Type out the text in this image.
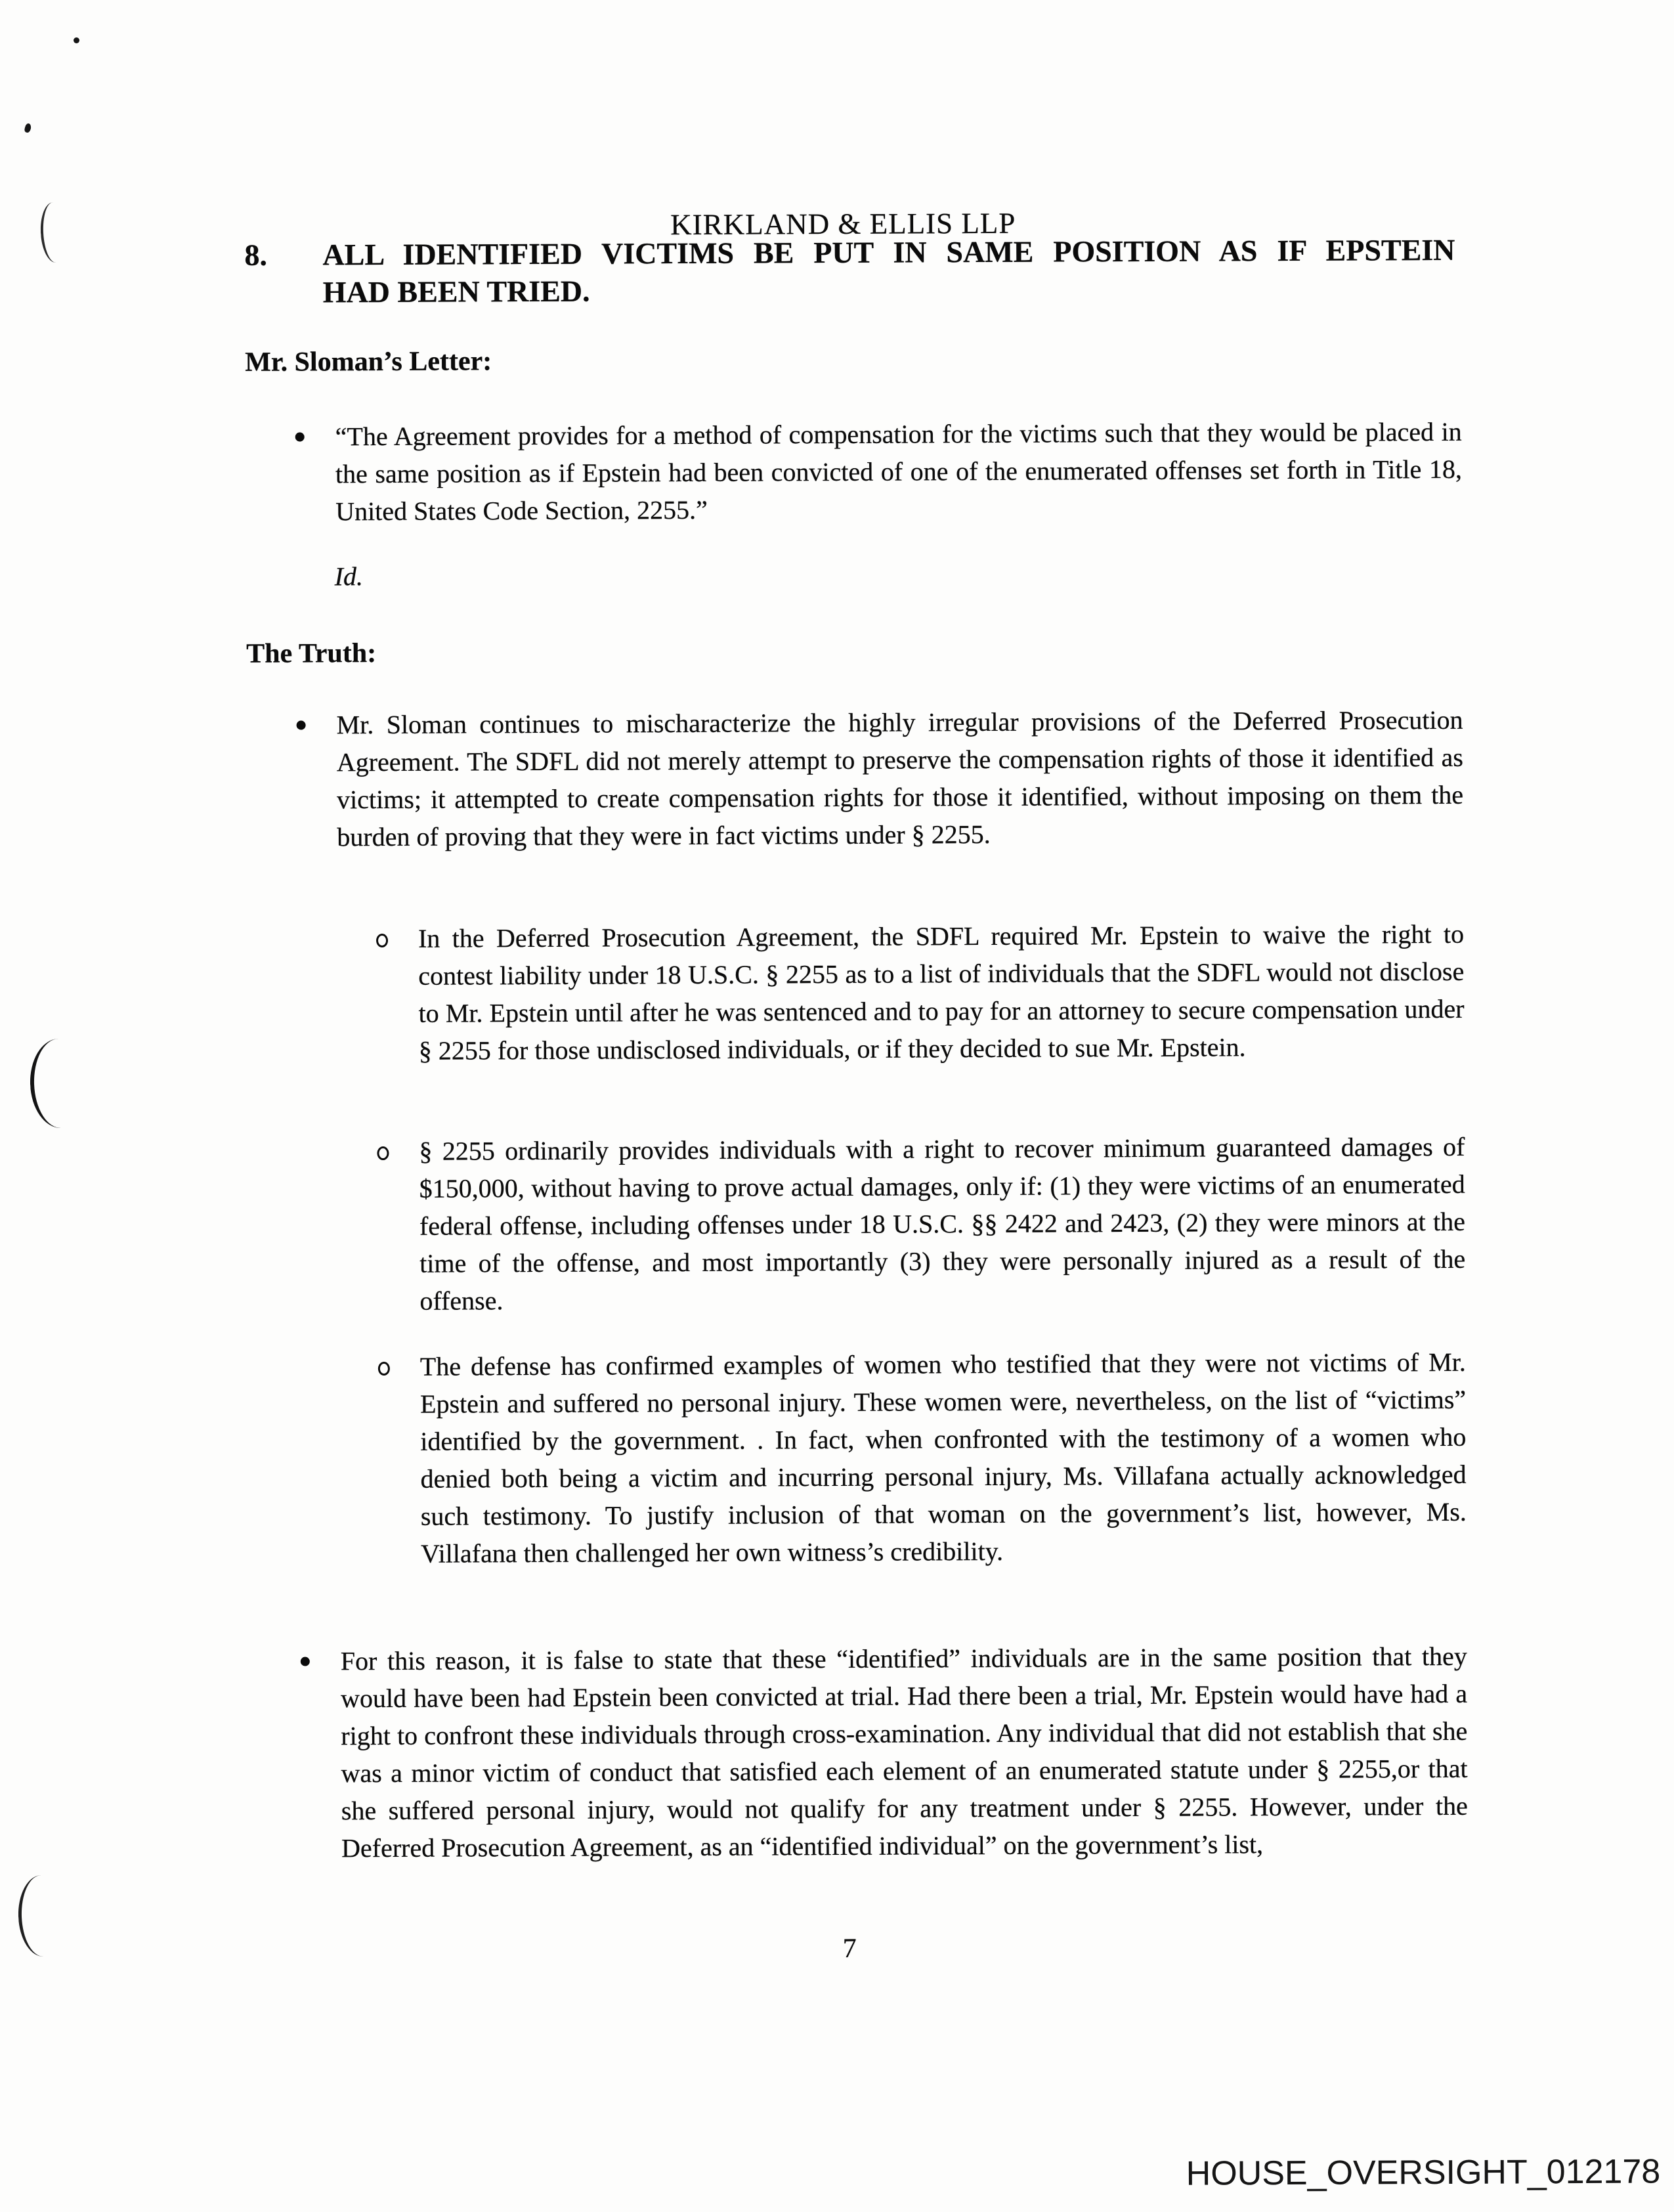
KIRKLAND & ELLIS LLP
8. ALL IDENTIFIED VICTIMS BE PUT IN SAME POSITION AS IF EPSTEIN
HAD BEEN TRIED.
Mr. Sloman’s Letter:
“The Agreement provides for a method of compensation for the victims such that they would be placed in the same position as if Epstein had been convicted of one of the enumerated offenses set forth in Title 18, United States Code Section, 2255.”
Id.
The Truth:
Mr. Sloman continues to mischaracterize the highly irregular provisions of the Deferred Prosecution Agreement. The SDFL did not merely attempt to preserve the compensation rights of those it identified as victims; it attempted to create compensation rights for those it identified, without imposing on them the burden of proving that they were in fact victims under § 2255.
In the Deferred Prosecution Agreement, the SDFL required Mr. Epstein to waive the right to contest liability under 18 U.S.C. § 2255 as to a list of individuals that the SDFL would not disclose to Mr. Epstein until after he was sentenced and to pay for an attorney to secure compensation under § 2255 for those undisclosed individuals, or if they decided to sue Mr. Epstein.
§ 2255 ordinarily provides individuals with a right to recover minimum guaranteed damages of $150,000, without having to prove actual damages, only if: (1) they were victims of an enumerated federal offense, including offenses under 18 U.S.C. §§ 2422 and 2423, (2) they were minors at the time of the offense, and most importantly (3) they were personally injured as a result of the offense.
The defense has confirmed examples of women who testified that they were not victims of Mr. Epstein and suffered no personal injury. These women were, nevertheless, on the list of “victims” identified by the government. . In fact, when confronted with the testimony of a women who denied both being a victim and incurring personal injury, Ms. Villafana actually acknowledged such testimony. To justify inclusion of that woman on the government’s list, however, Ms. Villafana then challenged her own witness’s credibility.
For this reason, it is false to state that these “identified” individuals are in the same position that they would have been had Epstein been convicted at trial. Had there been a trial, Mr. Epstein would have had a right to confront these individuals through cross-examination. Any individual that did not establish that she was a minor victim of conduct that satisfied each element of an enumerated statute under § 2255,or that she suffered personal injury, would not qualify for any treatment under § 2255. However, under the Deferred Prosecution Agreement, as an “identified individual” on the government’s list,
7
HOUSE_OVERSIGHT_012178
